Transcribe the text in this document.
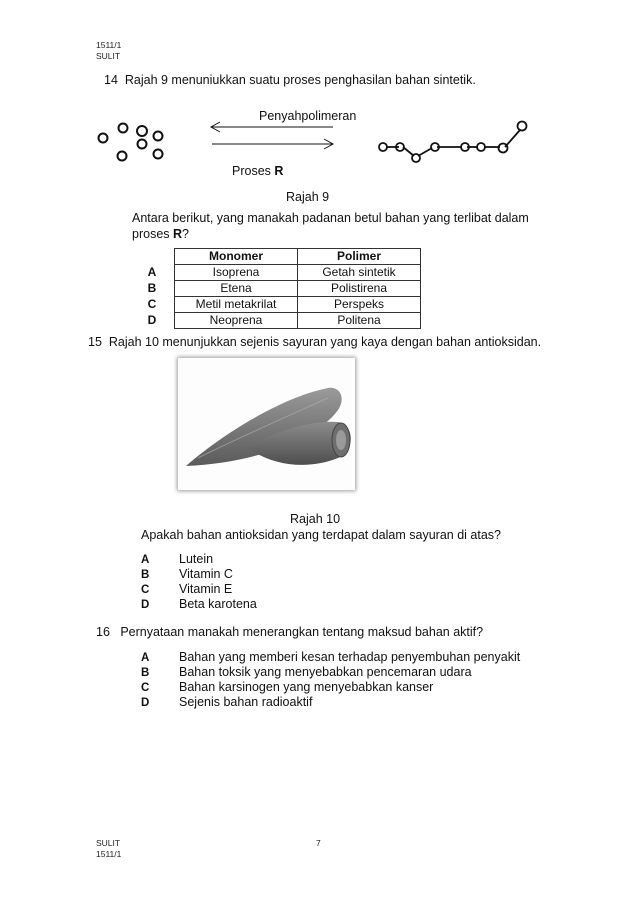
1511/1
SULIT
14 Rajah 9 menuniukkan suatu proses penghasilan bahan sintetik.
Penyahpolimeran
Proses R
Rajah 9
Antara berikut, yang manakah padanan betul bahan yang terlibat dalam
proses R?
	Monomer	Polimer
A	Isoprena	Getah sintetik
B	Etena	Polistirena
C	Metil metakrilat	Perspeks
D	Neoprena	Politena
15 Rajah 10 menunjukkan sejenis sayuran yang kaya dengan bahan antioksidan.
Rajah 10
Apakah bahan antioksidan yang terdapat dalam sayuran di atas?
A Lutein
B Vitamin C
C Vitamin E
D Beta karotena
16 Pernyataan manakah menerangkan tentang maksud bahan aktif?
A Bahan yang memberi kesan terhadap penyembuhan penyakit
B Bahan toksik yang menyebabkan pencemaran udara
C Bahan karsinogen yang menyebabkan kanser
D Sejenis bahan radioaktif
SULIT
1511/1
7
